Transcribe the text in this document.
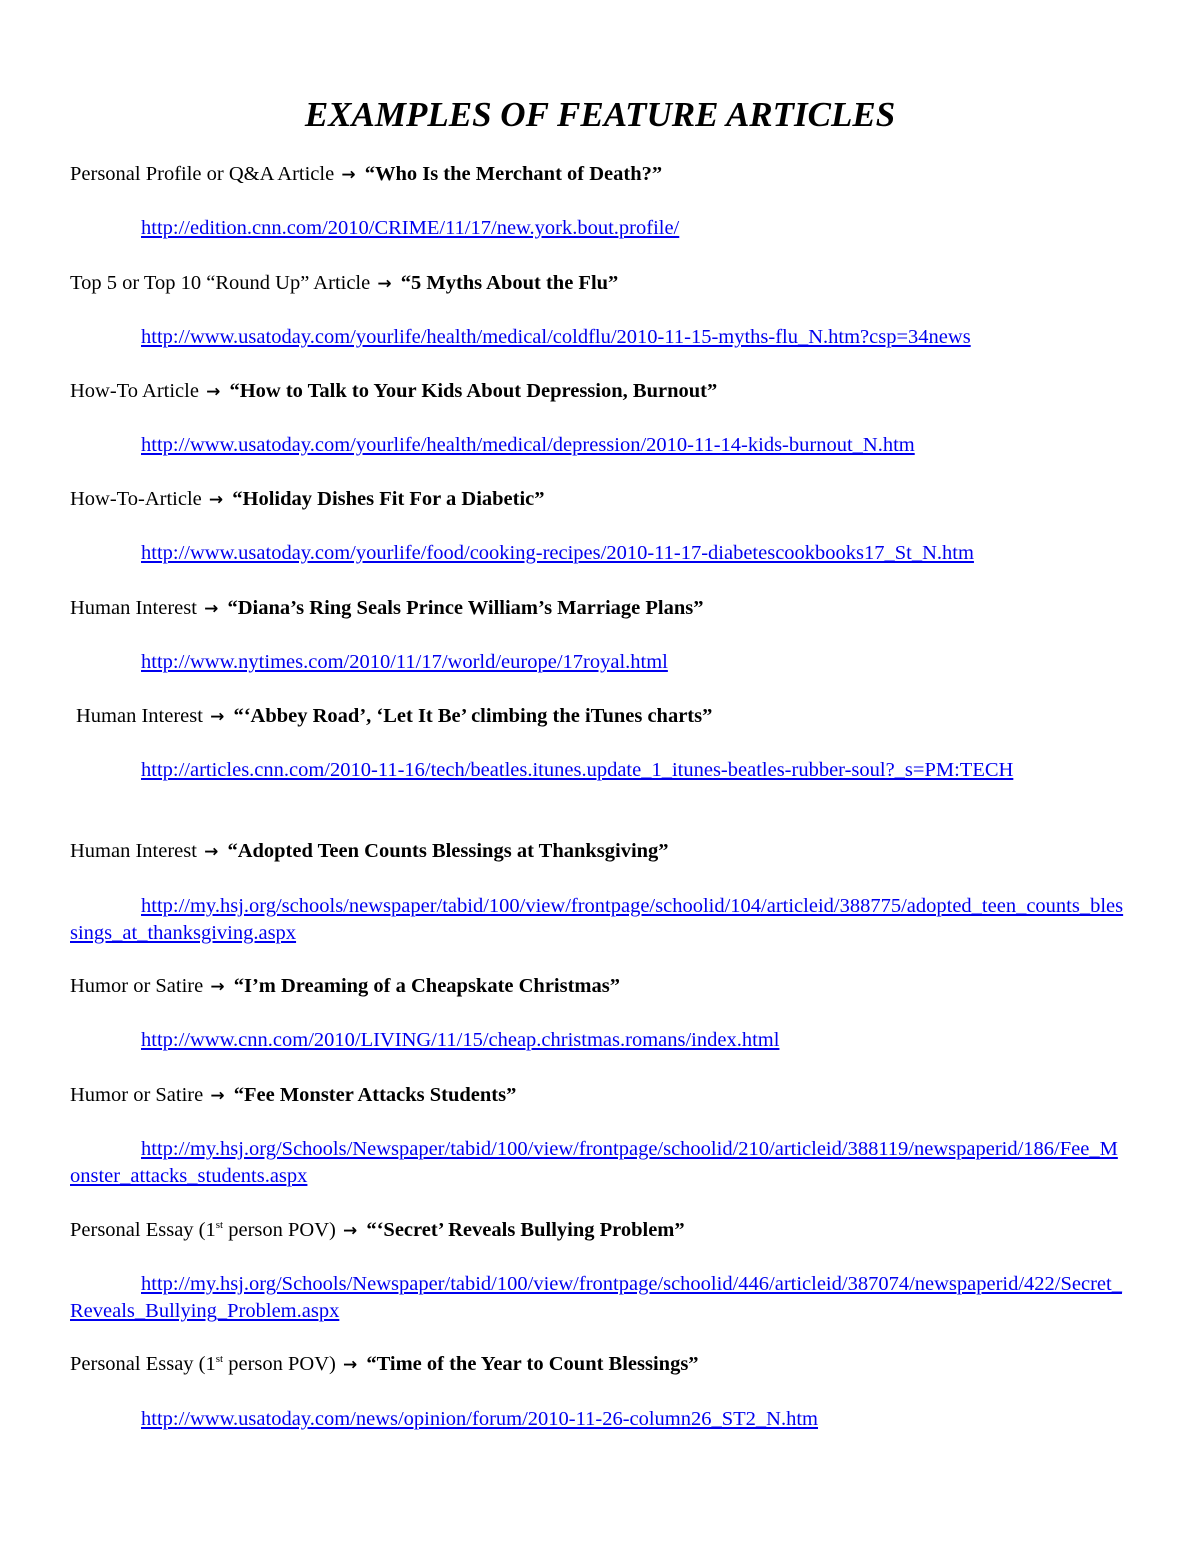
EXAMPLES OF FEATURE ARTICLES
Personal Profile or Q&A Article → “Who Is the Merchant of Death?”
http://edition.cnn.com/2010/CRIME/11/17/new.york.bout.profile/
Top 5 or Top 10 “Round Up” Article → “5 Myths About the Flu”
http://www.usatoday.com/yourlife/health/medical/coldflu/2010-11-15-myths-flu_N.htm?csp=34news
How-To Article → “How to Talk to Your Kids About Depression, Burnout”
http://www.usatoday.com/yourlife/health/medical/depression/2010-11-14-kids-burnout_N.htm
How-To-Article → “Holiday Dishes Fit For a Diabetic”
http://www.usatoday.com/yourlife/food/cooking-recipes/2010-11-17-diabetescookbooks17_St_N.htm
Human Interest → “Diana’s Ring Seals Prince William’s Marriage Plans”
http://www.nytimes.com/2010/11/17/world/europe/17royal.html
Human Interest → “‘Abbey Road’, ‘Let It Be’ climbing the iTunes charts”
http://articles.cnn.com/2010-11-16/tech/beatles.itunes.update_1_itunes-beatles-rubber-soul?_s=PM:TECH
Human Interest → “Adopted Teen Counts Blessings at Thanksgiving”
http://my.hsj.org/schools/newspaper/tabid/100/view/frontpage/schoolid/104/articleid/388775/adopted_teen_counts_blessings_at_thanksgiving.aspx
Humor or Satire → “I’m Dreaming of a Cheapskate Christmas”
http://www.cnn.com/2010/LIVING/11/15/cheap.christmas.romans/index.html
Humor or Satire → “Fee Monster Attacks Students”
http://my.hsj.org/Schools/Newspaper/tabid/100/view/frontpage/schoolid/210/articleid/388119/newspaperid/186/Fee_Monster_attacks_students.aspx
Personal Essay (1st person POV) → “‘Secret’ Reveals Bullying Problem”
http://my.hsj.org/Schools/Newspaper/tabid/100/view/frontpage/schoolid/446/articleid/387074/newspaperid/422/Secret_Reveals_Bullying_Problem.aspx
Personal Essay (1st person POV) → “Time of the Year to Count Blessings”
http://www.usatoday.com/news/opinion/forum/2010-11-26-column26_ST2_N.htm
